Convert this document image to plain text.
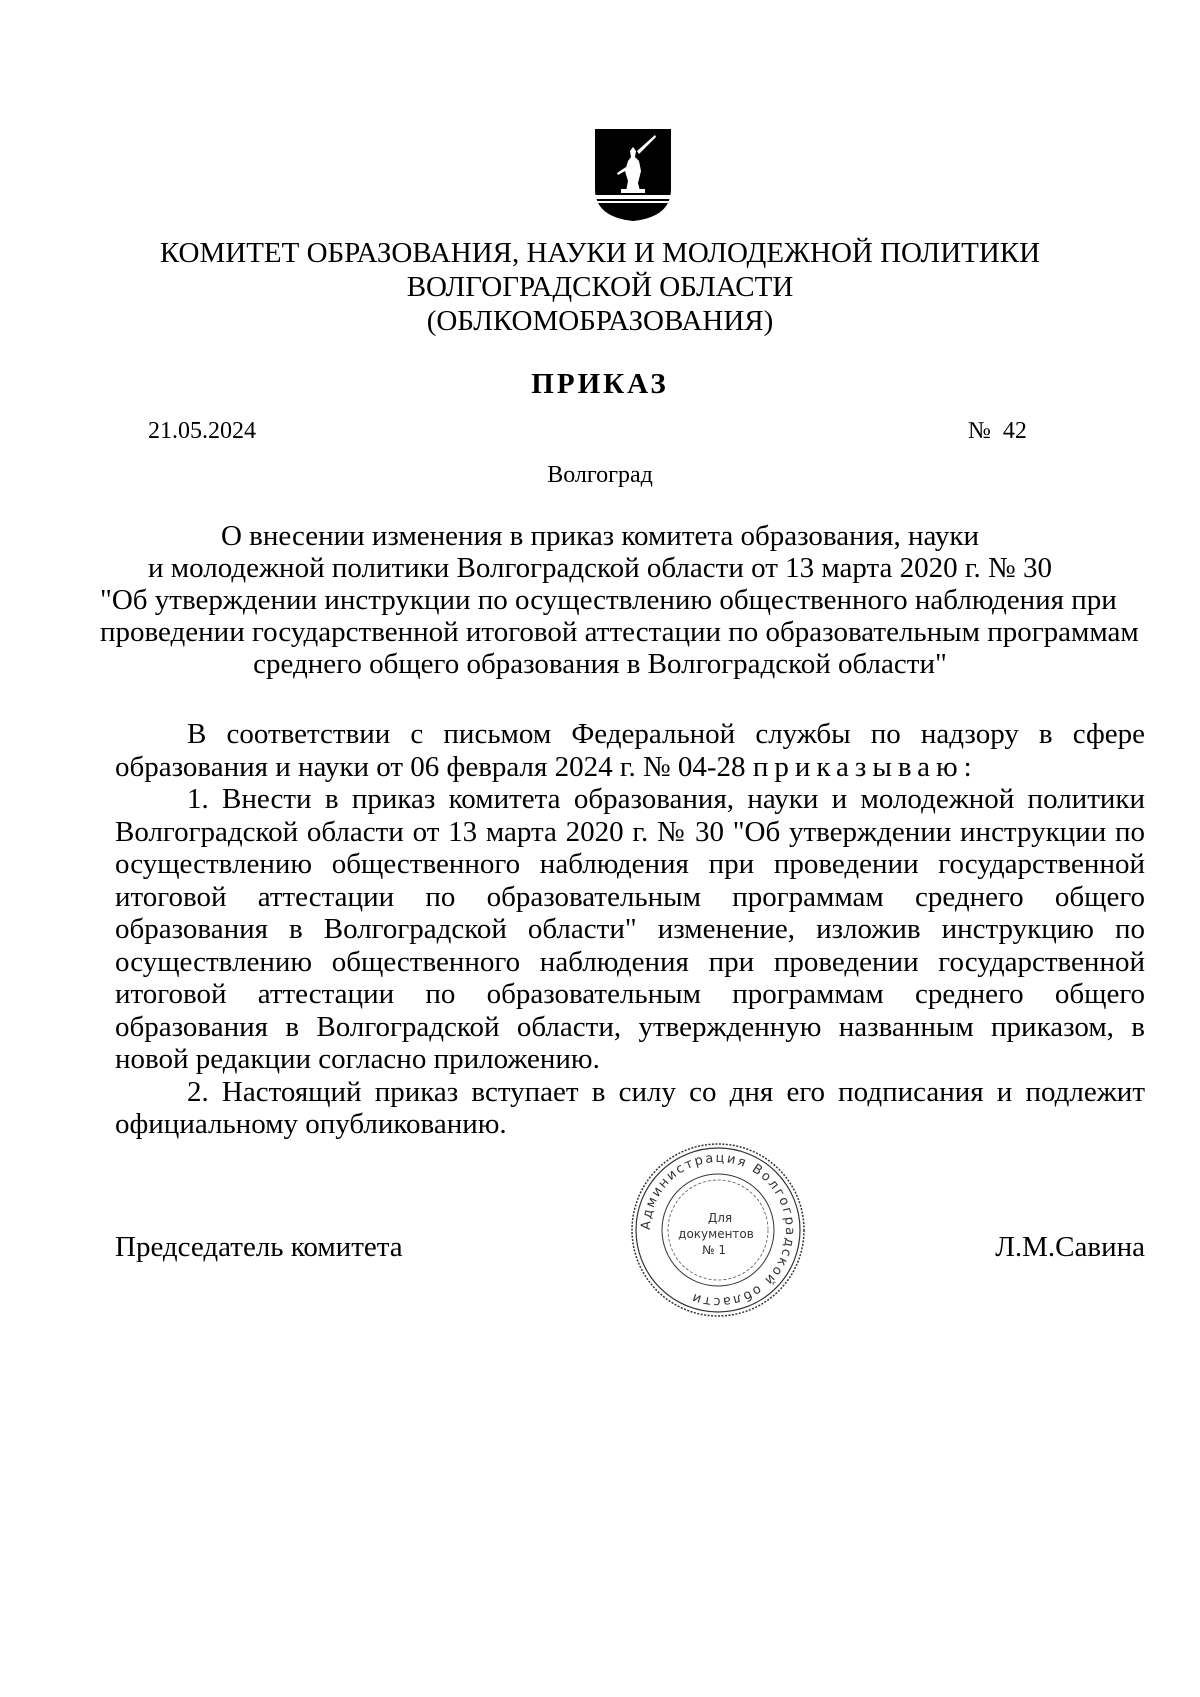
КОМИТЕТ ОБРАЗОВАНИЯ, НАУКИ И МОЛОДЕЖНОЙ ПОЛИТИКИ
ВОЛГОГРАДСКОЙ ОБЛАСТИ
(ОБЛКОМОБРАЗОВАНИЯ)
ПРИКАЗ
21.05.2024	№  42
Волгоград
О внесении изменения в приказ комитета образования, науки
и молодежной политики Волгоградской области от 13 марта 2020 г. № 30
"Об утверждении инструкции по осуществлению общественного наблюдения при
проведении государственной итоговой аттестации по образовательным программам
среднего общего образования в Волгоградской области"

В соответствии с письмом Федеральной службы по надзору в сфере образования и науки от 06 февраля 2024 г. № 04-28 приказываю:

1. Внести в приказ комитета образования, науки и молодежной политики Волгоградской области от 13 марта 2020 г. № 30 "Об утверждении инструкции по осуществлению общественного наблюдения при проведении государственной итоговой аттестации по образовательным программам среднего общего образования в Волгоградской области" изменение, изложив инструкцию по осуществлению общественного наблюдения при проведении государственной итоговой аттестации по образовательным программам среднего общего образования в Волгоградской области, утвержденную названным приказом, в новой редакции согласно приложению.

2. Настоящий приказ вступает в силу со дня его подписания и подлежит официальному опубликованию.

Председатель комитета	Л.М.Савина
Администрация Волгоградской области
Для
документов
№ 1
